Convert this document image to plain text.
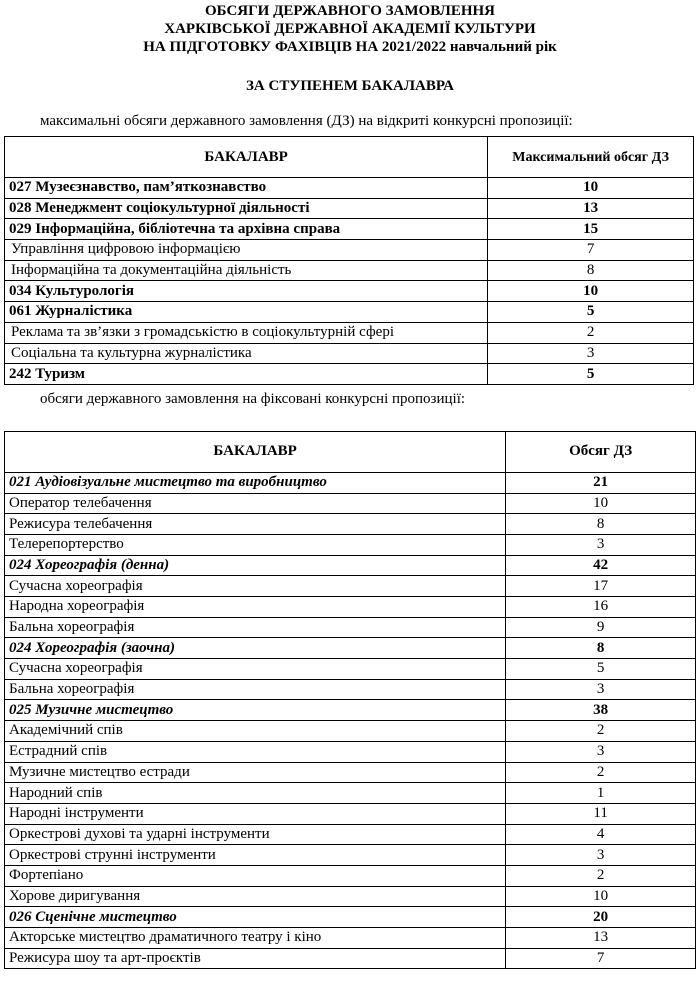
ОБСЯГИ ДЕРЖАВНОГО ЗАМОВЛЕННЯ
ХАРКІВСЬКОЇ ДЕРЖАВНОЇ АКАДЕМІЇ КУЛЬТУРИ
НА ПІДГОТОВКУ ФАХІВЦІВ НА 2021/2022 навчальний рік
ЗА СТУПЕНЕМ БАКАЛАВРА
максимальні обсяги державного замовлення (ДЗ) на відкриті конкурсні пропозиції:
БАКАЛАВР	Максимальний обсяг ДЗ
027 Музеєзнавство, пам’яткознавство	10
028 Менеджмент соціокультурної діяльності	13
029 Інформаційна, бібліотечна та архівна справа	15
Управління цифровою інформацією	7
Інформаційна та документаційна діяльність	8
034 Культурологія	10
061 Журналістика	5
Реклама та зв’язки з громадськістю в соціокультурній сфері	2
Соціальна та культурна журналістика	3
242 Туризм	5
обсяги державного замовлення на фіксовані конкурсні пропозиції:
БАКАЛАВР	Обсяг ДЗ
021 Аудіовізуальне мистецтво та виробництво	21
Оператор телебачення	10
Режисура телебачення	8
Телерепортерство	3
024 Хореографія (денна)	42
Сучасна хореографія	17
Народна хореографія	16
Бальна хореографія	9
024 Хореографія (заочна)	8
Сучасна хореографія	5
Бальна хореографія	3
025 Музичне мистецтво	38
Академічний спів	2
Естрадний спів	3
Музичне мистецтво естради	2
Народний спів	1
Народні інструменти	11
Оркестрові духові та ударні інструменти	4
Оркестрові струнні інструменти	3
Фортепіано	2
Хорове диригування	10
026 Сценічне мистецтво	20
Акторське мистецтво драматичного театру і кіно	13
Режисура шоу та арт-проєктів	7
